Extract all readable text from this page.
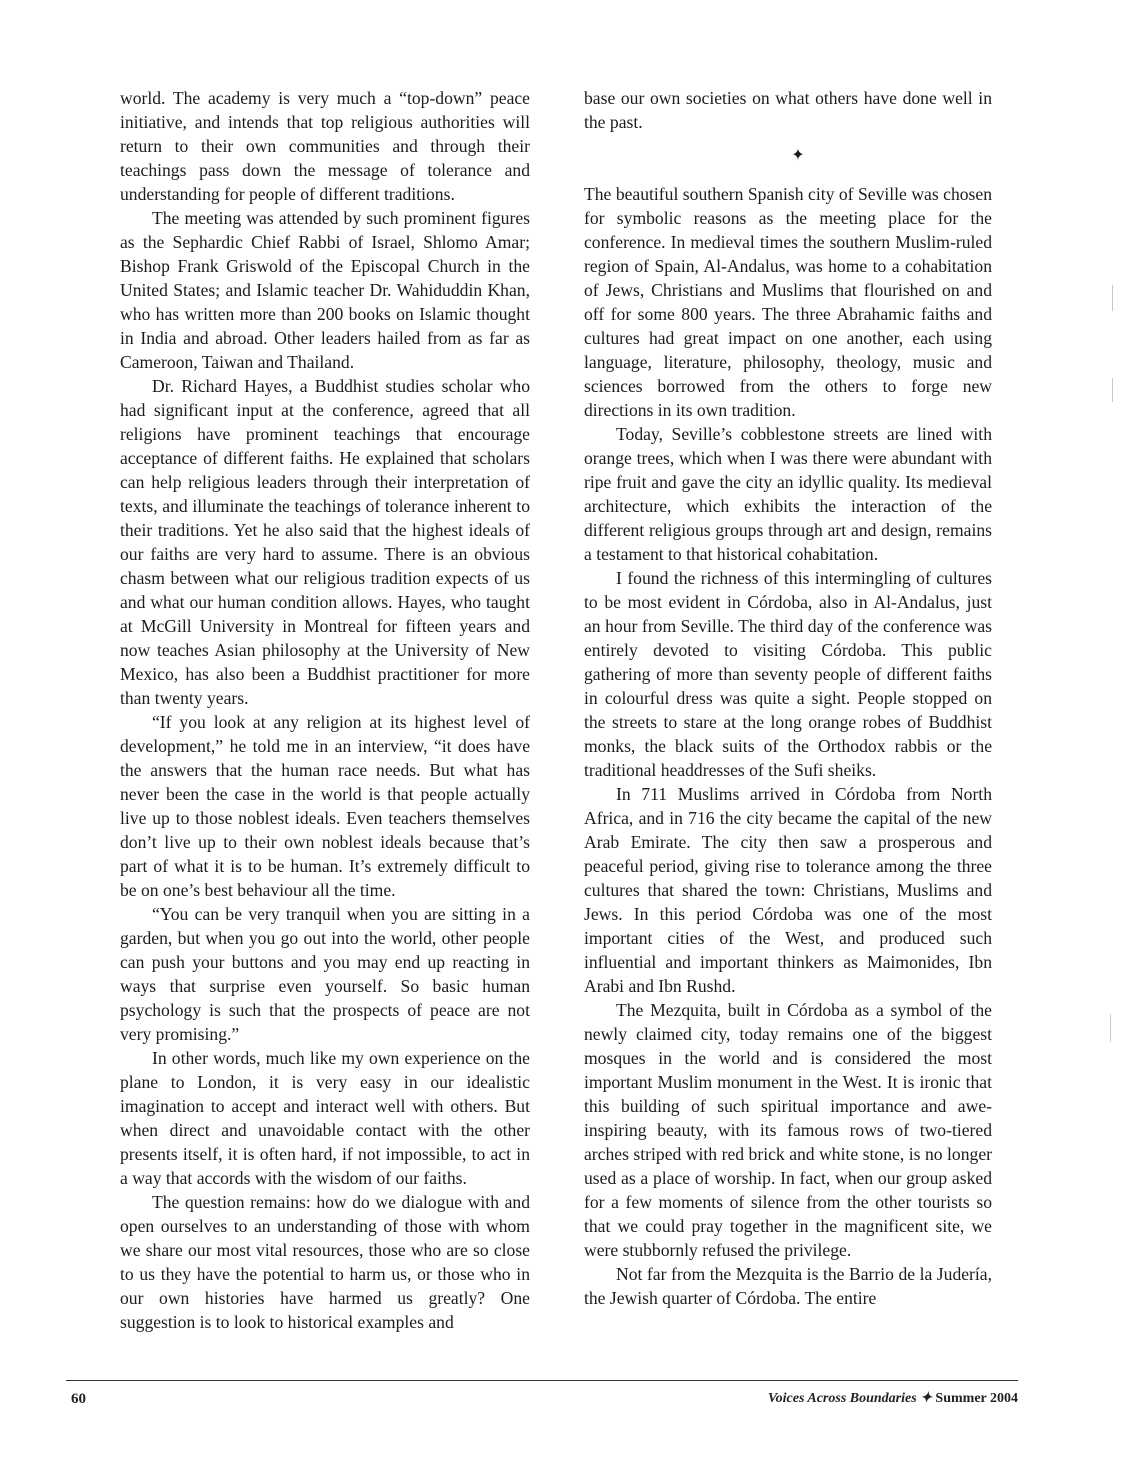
world. The academy is very much a “top-down” peace initiative, and intends that top religious authorities will return to their own communities and through their teachings pass down the message of tolerance and understanding for people of different traditions.

The meeting was attended by such prominent figures as the Sephardic Chief Rabbi of Israel, Shlomo Amar; Bishop Frank Griswold of the Episcopal Church in the United States; and Islamic teacher Dr. Wahiduddin Khan, who has written more than 200 books on Islamic thought in India and abroad. Other leaders hailed from as far as Cameroon, Taiwan and Thailand.

Dr. Richard Hayes, a Buddhist studies scholar who had significant input at the conference, agreed that all religions have prominent teachings that encourage acceptance of different faiths. He explained that scholars can help religious leaders through their interpretation of texts, and illuminate the teachings of tolerance inherent to their traditions. Yet he also said that the highest ideals of our faiths are very hard to assume. There is an obvious chasm between what our religious tradition expects of us and what our human condition allows. Hayes, who taught at McGill University in Montreal for fifteen years and now teaches Asian philosophy at the University of New Mexico, has also been a Buddhist practitioner for more than twenty years.

“If you look at any religion at its highest level of development,” he told me in an interview, “it does have the answers that the human race needs. But what has never been the case in the world is that people actually live up to those noblest ideals. Even teachers themselves don’t live up to their own noblest ideals because that’s part of what it is to be human. It’s extremely difficult to be on one’s best behaviour all the time.

“You can be very tranquil when you are sitting in a garden, but when you go out into the world, other people can push your buttons and you may end up reacting in ways that surprise even yourself. So basic human psychology is such that the prospects of peace are not very promising.”

In other words, much like my own experience on the plane to London, it is very easy in our idealistic imagination to accept and interact well with others. But when direct and unavoidable contact with the other presents itself, it is often hard, if not impossible, to act in a way that accords with the wisdom of our faiths.

The question remains: how do we dialogue with and open ourselves to an understanding of those with whom we share our most vital resources, those who are so close to us they have the potential to harm us, or those who in our own histories have harmed us greatly? One suggestion is to look to historical examples and

base our own societies on what others have done well in the past.

✦

The beautiful southern Spanish city of Seville was chosen for symbolic reasons as the meeting place for the conference. In medieval times the southern Muslim-ruled region of Spain, Al-Andalus, was home to a cohabitation of Jews, Christians and Muslims that flourished on and off for some 800 years. The three Abrahamic faiths and cultures had great impact on one another, each using language, literature, philosophy, theology, music and sciences borrowed from the others to forge new directions in its own tradition.

Today, Seville’s cobblestone streets are lined with orange trees, which when I was there were abundant with ripe fruit and gave the city an idyllic quality. Its medieval architecture, which exhibits the interaction of the different religious groups through art and design, remains a testament to that historical cohabitation.

I found the richness of this intermingling of cultures to be most evident in Córdoba, also in Al-Andalus, just an hour from Seville. The third day of the conference was entirely devoted to visiting Córdoba. This public gathering of more than seventy people of different faiths in colourful dress was quite a sight. People stopped on the streets to stare at the long orange robes of Buddhist monks, the black suits of the Orthodox rabbis or the traditional headdresses of the Sufi sheiks.

In 711 Muslims arrived in Córdoba from North Africa, and in 716 the city became the capital of the new Arab Emirate. The city then saw a prosperous and peaceful period, giving rise to tolerance among the three cultures that shared the town: Christians, Muslims and Jews. In this period Córdoba was one of the most important cities of the West, and produced such influential and important thinkers as Maimonides, Ibn Arabi and Ibn Rushd.

The Mezquita, built in Córdoba as a symbol of the newly claimed city, today remains one of the biggest mosques in the world and is considered the most important Muslim monument in the West. It is ironic that this building of such spiritual importance and awe-inspiring beauty, with its famous rows of two-tiered arches striped with red brick and white stone, is no longer used as a place of worship. In fact, when our group asked for a few moments of silence from the other tourists so that we could pray together in the magnificent site, we were stubbornly refused the privilege.

Not far from the Mezquita is the Barrio de la Judería, the Jewish quarter of Córdoba. The entire

60	Voices Across Boundaries ✦ Summer 2004
